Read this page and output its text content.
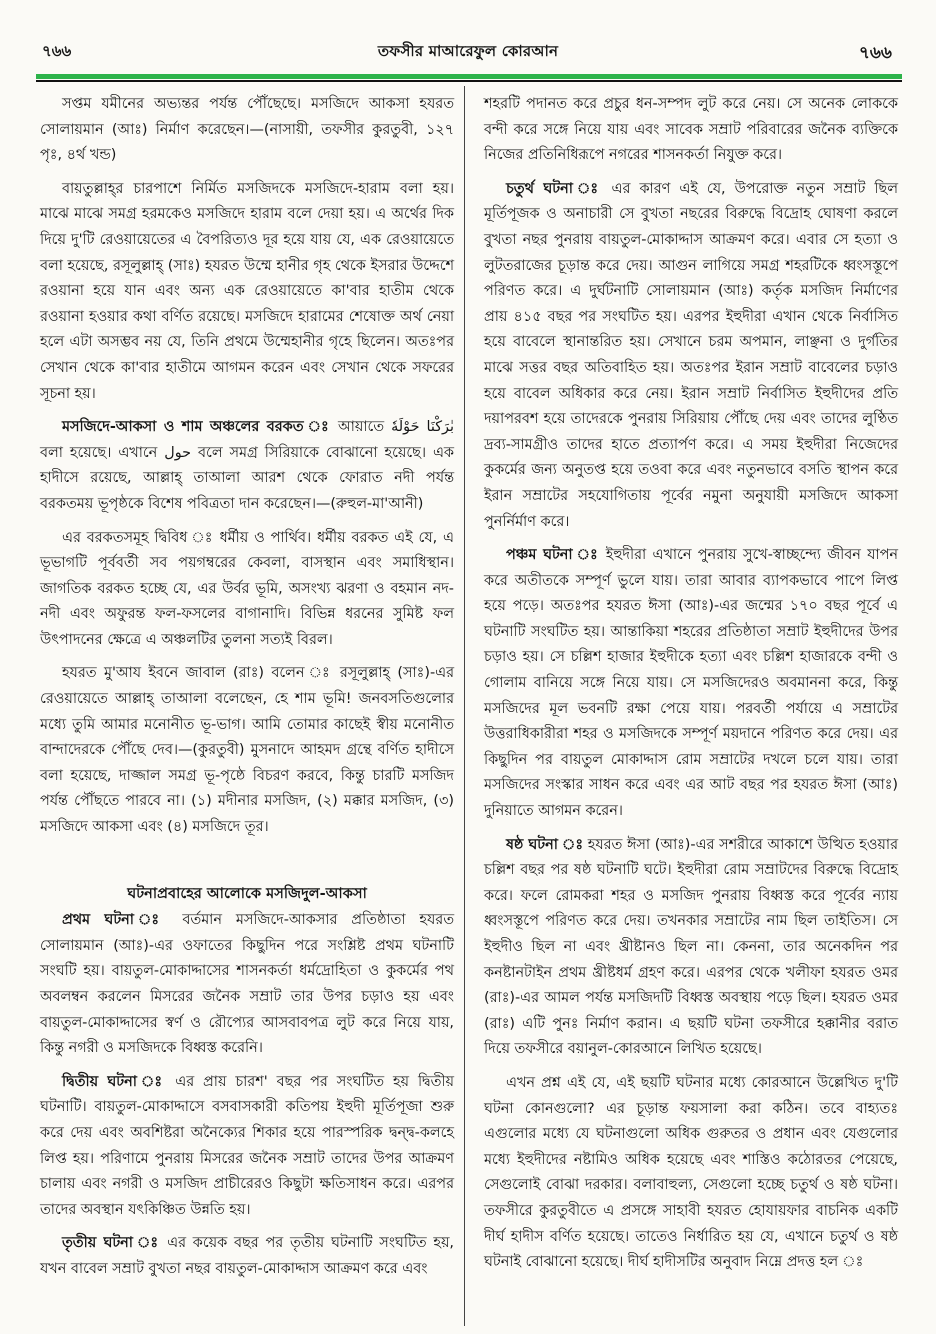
৭৬৬	তফসীর মাআরেফুল কোরআন	৭৬৬

সপ্তম যমীনের অভ্যন্তর পর্যন্ত পৌঁছেছে। মসজিদে আকসা হযরত সোলায়মান (আঃ) নির্মাণ করেছেন।—(নাসায়ী, তফসীর কুরতুবী, ১২৭ পৃঃ, ৪র্থ খন্ড)

বায়তুল্লাহ্‌র চারপাশে নির্মিত মসজিদকে মসজিদে-হারাম বলা হয়। মাঝে মাঝে সমগ্র হরমকেও মসজিদে হারাম বলে দেয়া হয়। এ অর্থের দিক দিয়ে দু'টি রেওয়ায়েতের এ বৈপরিত্যও দূর হয়ে যায় যে, এক রেওয়ায়েতে বলা হয়েছে, রসূলুল্লাহ্‌ (সাঃ) হযরত উম্মে হানীর গৃহ থেকে ইসরার উদ্দেশে রওয়ানা হয়ে যান এবং অন্য এক রেওয়ায়েতে কা'বার হাতীম থেকে রওয়ানা হওয়ার কথা বর্ণিত রয়েছে। মসজিদে হারামের শেষোক্ত অর্থ নেয়া হলে এটা অসম্ভব নয় যে, তিনি প্রথমে উম্মেহানীর গৃহে ছিলেন। অতঃপর সেখান থেকে কা'বার হাতীমে আগমন করেন এবং সেখান থেকে সফরের সূচনা হয়।

মসজিদে-আকসা ও শাম অঞ্চলের বরকত ঃ আয়াতে بٰرَكْنَا حَوْلَهٗ বলা হয়েছে। এখানে حول বলে সমগ্র সিরিয়াকে বোঝানো হয়েছে। এক হাদীসে রয়েছে, আল্লাহ্‌ তাআলা আরশ থেকে ফোরাত নদী পর্যন্ত বরকতময় ভূপৃষ্ঠকে বিশেষ পবিত্রতা দান করেছেন।—(রুহুল-মা'আনী)

এর বরকতসমূহ দ্বিবিধ ঃ ধর্মীয় ও পার্থিব। ধর্মীয় বরকত এই যে, এ ভূভাগটি পূর্ববর্তী সব পয়গম্বরের কেবলা, বাসস্থান এবং সমাধিস্থান। জাগতিক বরকত হচ্ছে যে, এর উর্বর ভূমি, অসংখ্য ঝরণা ও বহমান নদ-নদী এবং অফুরন্ত ফল-ফসলের বাগানাদি। বিভিন্ন ধরনের সুমিষ্ট ফল উৎপাদনের ক্ষেত্রে এ অঞ্চলটির তুলনা সত্যই বিরল।

হযরত মু'আয ইবনে জাবাল (রাঃ) বলেন ঃ রসূলুল্লাহ্‌ (সাঃ)-এর রেওয়ায়েতে আল্লাহ্‌ তাআলা বলেছেন, হে শাম ভূমি! জনবসতিগুলোর মধ্যে তুমি আমার মনোনীত ভূ-ভাগ। আমি তোমার কাছেই স্বীয় মনোনীত বান্দাদেরকে পৌঁছে দেব।—(কুরতুবী) মুসনাদে আহমদ গ্রন্থে বর্ণিত হাদীসে বলা হয়েছে, দাজ্জাল সমগ্র ভূ-পৃষ্ঠে বিচরণ করবে, কিন্তু চারটি মসজিদ পর্যন্ত পৌঁছতে পারবে না। (১) মদীনার মসজিদ, (২) মক্কার মসজিদ, (৩) মসজিদে আকসা এবং (৪) মসজিদে তূর।

ঘটনাপ্রবাহের আলোকে মসজিদুল-আকসা

প্রথম ঘটনা ঃ বর্তমান মসজিদে-আকসার প্রতিষ্ঠাতা হযরত সোলায়মান (আঃ)-এর ওফাতের কিছুদিন পরে সংশ্লিষ্ট প্রথম ঘটনাটি সংঘটি হয়। বায়তুল-মোকাদ্দাসের শাসনকর্তা ধর্মদ্রোহিতা ও কুকর্মের পথ অবলম্বন করলেন মিসরের জনৈক সম্রাট তার উপর চড়াও হয় এবং বায়তুল-মোকাদ্দাসের স্বর্ণ ও রৌপ্যের আসবাবপত্র লুট করে নিয়ে যায়, কিন্তু নগরী ও মসজিদকে বিধ্বস্ত করেনি।

দ্বিতীয় ঘটনা ঃ এর প্রায় চারশ' বছর পর সংঘটিত হয় দ্বিতীয় ঘটনাটি। বায়তুল-মোকাদ্দাসে বসবাসকারী কতিপয় ইহুদী মূর্তিপূজা শুরু করে দেয় এবং অবশিষ্টরা অনৈক্যের শিকার হয়ে পারস্পরিক দ্বন্দ্ব-কলহে লিপ্ত হয়। পরিণামে পুনরায় মিসরের জনৈক সম্রাট তাদের উপর আক্রমণ চালায় এবং নগরী ও মসজিদ প্রাচীরেরও কিছুটা ক্ষতিসাধন করে। এরপর তাদের অবস্থান যৎকিঞ্চিত উন্নতি হয়।

তৃতীয় ঘটনা ঃ এর কয়েক বছর পর তৃতীয় ঘটনাটি সংঘটিত হয়, যখন বাবেল সম্রাট বুখতা নছর বায়তুল-মোকাদ্দাস আক্রমণ করে এবং

শহরটি পদানত করে প্রচুর ধন-সম্পদ লুট করে নেয়। সে অনেক লোককে বন্দী করে সঙ্গে নিয়ে যায় এবং সাবেক সম্রাট পরিবারের জনৈক ব্যক্তিকে নিজের প্রতিনিধিরূপে নগরের শাসনকর্তা নিযুক্ত করে।

চতুর্থ ঘটনা ঃ এর কারণ এই যে, উপরোক্ত নতুন সম্রাট ছিল মূর্তিপূজক ও অনাচারী সে বুখতা নছরের বিরুদ্ধে বিদ্রোহ ঘোষণা করলে বুখতা নছর পুনরায় বায়তুল-মোকাদ্দাস আক্রমণ করে। এবার সে হত্যা ও লুটতরাজের চূড়ান্ত করে দেয়। আগুন লাগিয়ে সমগ্র শহরটিকে ধ্বংসস্তূপে পরিণত করে। এ দুর্ঘটনাটি সোলায়মান (আঃ) কর্তৃক মসজিদ নির্মাণের প্রায় ৪১৫ বছর পর সংঘটিত হয়। এরপর ইহুদীরা এখান থেকে নির্বাসিত হয়ে বাবেলে স্থানান্তরিত হয়। সেখানে চরম অপমান, লাঞ্ছনা ও দুর্গতির মাঝে সত্তর বছর অতিবাহিত হয়। অতঃপর ইরান সম্রাট বাবেলের চড়াও হয়ে বাবেল অধিকার করে নেয়। ইরান সম্রাট নির্বাসিত ইহুদীদের প্রতি দয়াপরবশ হয়ে তাদেরকে পুনরায় সিরিয়ায় পৌঁছে দেয় এবং তাদের লুণ্ঠিত দ্রব্য-সামগ্রীও তাদের হাতে প্রত্যার্পণ করে। এ সময় ইহুদীরা নিজেদের কুকর্মের জন্য অনুতপ্ত হয়ে তওবা করে এবং নতুনভাবে বসতি স্থাপন করে ইরান সম্রাটের সহযোগিতায় পূর্বের নমুনা অনুযায়ী মসজিদে আকসা পুনর্নির্মাণ করে।

পঞ্চম ঘটনা ঃ ইহুদীরা এখানে পুনরায় সুখে-স্বাচ্ছন্দ্যে জীবন যাপন করে অতীতকে সম্পূর্ণ ভুলে যায়। তারা আবার ব্যাপকভাবে পাপে লিপ্ত হয়ে পড়ে। অতঃপর হযরত ঈসা (আঃ)-এর জন্মের ১৭০ বছর পূর্বে এ ঘটনাটি সংঘটিত হয়। আন্তাকিয়া শহরের প্রতিষ্ঠাতা সম্রাট ইহুদীদের উপর চড়াও হয়। সে চল্লিশ হাজার ইহুদীকে হত্যা এবং চল্লিশ হাজারকে বন্দী ও গোলাম বানিয়ে সঙ্গে নিয়ে যায়। সে মসজিদেরও অবমাননা করে, কিন্তু মসজিদের মূল ভবনটি রক্ষা পেয়ে যায়। পরবর্তী পর্যায়ে এ সম্রাটের উত্তরাধিকারীরা শহর ও মসজিদকে সম্পূর্ণ ময়দানে পরিণত করে দেয়। এর কিছুদিন পর বায়তুল মোকাদ্দাস রোম সম্রাটের দখলে চলে যায়। তারা মসজিদের সংস্কার সাধন করে এবং এর আট বছর পর হযরত ঈসা (আঃ) দুনিয়াতে আগমন করেন।

ষষ্ঠ ঘটনা ঃ হযরত ঈসা (আঃ)-এর সশরীরে আকাশে উত্থিত হওয়ার চল্লিশ বছর পর ষষ্ঠ ঘটনাটি ঘটে। ইহুদীরা রোম সম্রাটদের বিরুদ্ধে বিদ্রোহ করে। ফলে রোমকরা শহর ও মসজিদ পুনরায় বিধ্বস্ত করে পূর্বের ন্যায় ধ্বংসস্তূপে পরিণত করে দেয়। তখনকার সম্রাটের নাম ছিল তাইতিস। সে ইহুদীও ছিল না এবং খ্রীষ্টানও ছিল না। কেননা, তার অনেকদিন পর কনষ্টানটাইন প্রথম খ্রীষ্টধর্ম গ্রহণ করে। এরপর থেকে খলীফা হযরত ওমর (রাঃ)-এর আমল পর্যন্ত মসজিদটি বিধ্বস্ত অবস্থায় পড়ে ছিল। হযরত ওমর (রাঃ) এটি পুনঃ নির্মাণ করান। এ ছয়টি ঘটনা তফসীরে হক্কানীর বরাত দিয়ে তফসীরে বয়ানুল-কোরআনে লিখিত হয়েছে।

এখন প্রশ্ন এই যে, এই ছয়টি ঘটনার মধ্যে কোরআনে উল্লেখিত দু'টি ঘটনা কোনগুলো? এর চূড়ান্ত ফয়সালা করা কঠিন। তবে বাহ্যতঃ এগুলোর মধ্যে যে ঘটনাগুলো অধিক গুরুতর ও প্রধান এবং যেগুলোর মধ্যে ইহুদীদের নষ্টামিও অধিক হয়েছে এবং শাস্তিও কঠোরতর পেয়েছে, সেগুলোই বোঝা দরকার। বলাবাহুল্য, সেগুলো হচ্ছে চতুর্থ ও ষষ্ঠ ঘটনা। তফসীরে কুরতুবীতে এ প্রসঙ্গে সাহাবী হযরত হোযায়ফার বাচনিক একটি দীর্ঘ হাদীস বর্ণিত হয়েছে। তাতেও নির্ধারিত হয় যে, এখানে চতুর্থ ও ষষ্ঠ ঘটনাই বোঝানো হয়েছে। দীর্ঘ হাদীসটির অনুবাদ নিম্নে প্রদত্ত হল ঃ
